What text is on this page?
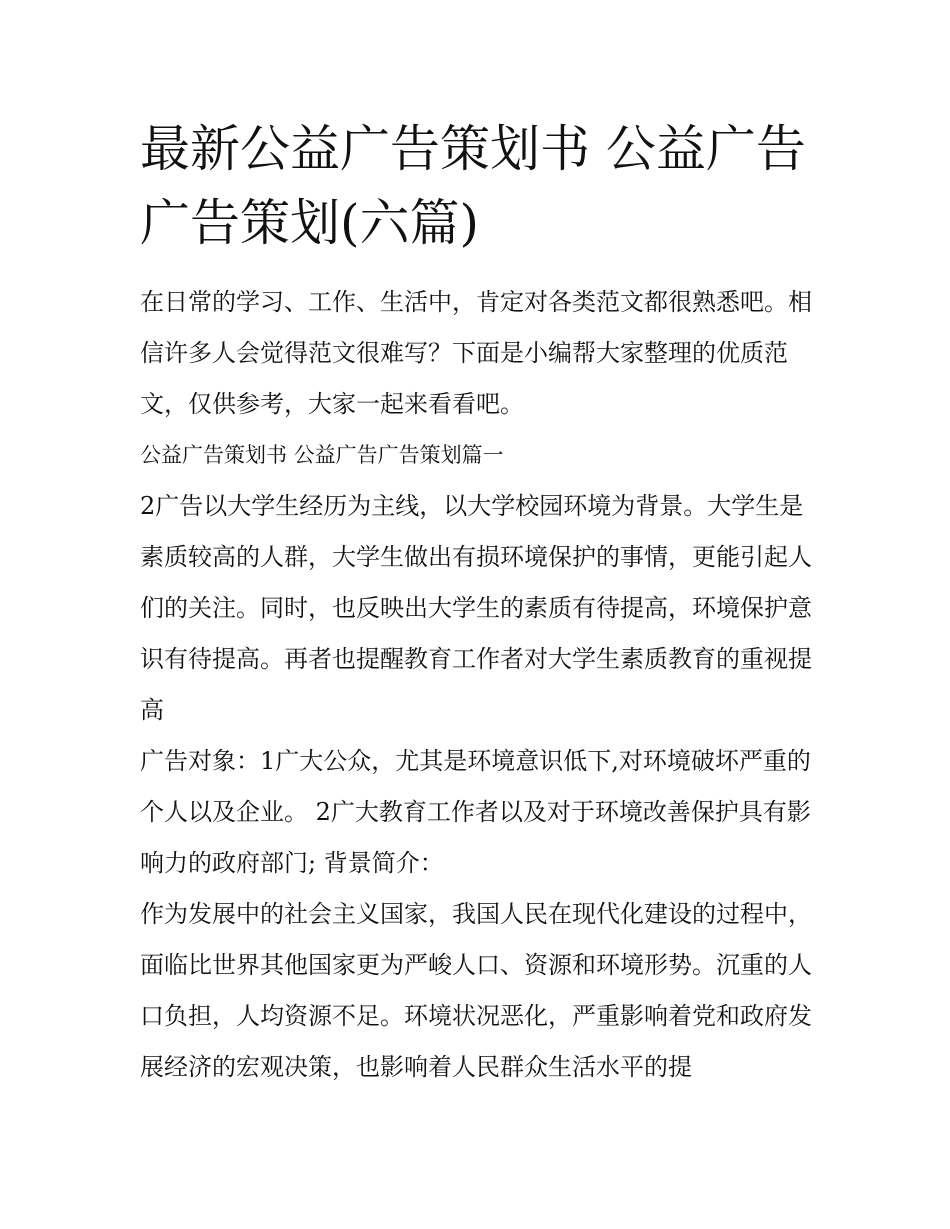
最新公益广告策划书 公益广告广告策划(六篇)

在日常的学习、工作、生活中，肯定对各类范文都很熟悉吧。相信许多人会觉得范文很难写？下面是小编帮大家整理的优质范文，仅供参考，大家一起来看看吧。

公益广告策划书 公益广告广告策划篇一

2广告以大学生经历为主线，以大学校园环境为背景。大学生是素质较高的人群，大学生做出有损环境保护的事情，更能引起人们的关注。同时，也反映出大学生的素质有待提高，环境保护意识有待提高。再者也提醒教育工作者对大学生素质教育的重视提高

广告对象：1广大公众，尤其是环境意识低下,对环境破坏严重的个人以及企业。 2广大教育工作者以及对于环境改善保护具有影响力的政府部门; 背景简介：

作为发展中的社会主义国家，我国人民在现代化建设的过程中，面临比世界其他国家更为严峻人口、资源和环境形势。沉重的人口负担，人均资源不足。环境状况恶化，严重影响着党和政府发展经济的宏观决策，也影响着人民群众生活水平的提
